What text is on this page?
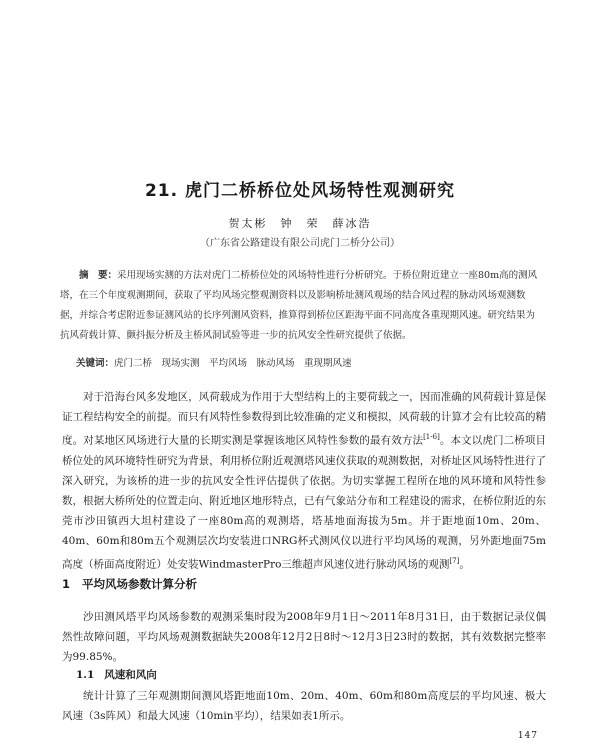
21. 虎门二桥桥位处风场特性观测研究
贺太彬　钟　荣　薛冰浩
（广东省公路建设有限公司虎门二桥分公司）

摘　要：采用现场实测的方法对虎门二桥桥位处的风场特性进行分析研究。于桥位附近建立一座80m高的测风塔，在三个年度观测期间，获取了平均风场完整观测资料以及影响桥址测风观场的结合风过程的脉动风场观测数据，并综合考虑附近参证测风站的长序列测风资料，推算得到桥位区距海平面不同高度各重现期风速。研究结果为抗风荷载计算、颤抖振分析及主桥风洞试验等进一步的抗风安全性研究提供了依据。

关键词：虎门二桥　现场实测　平均风场　脉动风场　重现期风速

对于沿海台风多发地区，风荷载成为作用于大型结构上的主要荷载之一，因而准确的风荷载计算是保证工程结构安全的前提。而只有风特性参数得到比较准确的定义和模拟，风荷载的计算才会有比较高的精度。对某地区风场进行大量的长期实测是掌握该地区风特性参数的最有效方法[1-6]。本文以虎门二桥项目桥位处的风环境特性研究为背景，利用桥位附近观测塔风速仪获取的观测数据，对桥址区风场特性进行了深入研究，为该桥的进一步的抗风安全性评估提供了依据。为切实掌握工程所在地的风环境和风特性参数，根据大桥所处的位置走向、附近地区地形特点，已有气象站分布和工程建设的需求，在桥位附近的东莞市沙田镇西大坦村建设了一座80m高的观测塔，塔基地面海拔为5m。并于距地面10m、20m、40m、60m和80m五个观测层次均安装进口NRG杯式测风仪以进行平均风场的观测，另外距地面75m高度（桥面高度附近）处安装WindmasterPro三维超声风速仪进行脉动风场的观测[7]。

1 平均风场参数计算分析

沙田测风塔平均风场参数的观测采集时段为2008年9月1日～2011年8月31日，由于数据记录仪偶然性故障问题，平均风场观测数据缺失2008年12月2日8时～12月3日23时的数据，其有效数据完整率为99.85%。

1.1 风速和风向

统计计算了三年观测期间测风塔距地面10m、20m、40m、60m和80m高度层的平均风速、极大风速（3s阵风）和最大风速（10min平均），结果如表1所示。

147
